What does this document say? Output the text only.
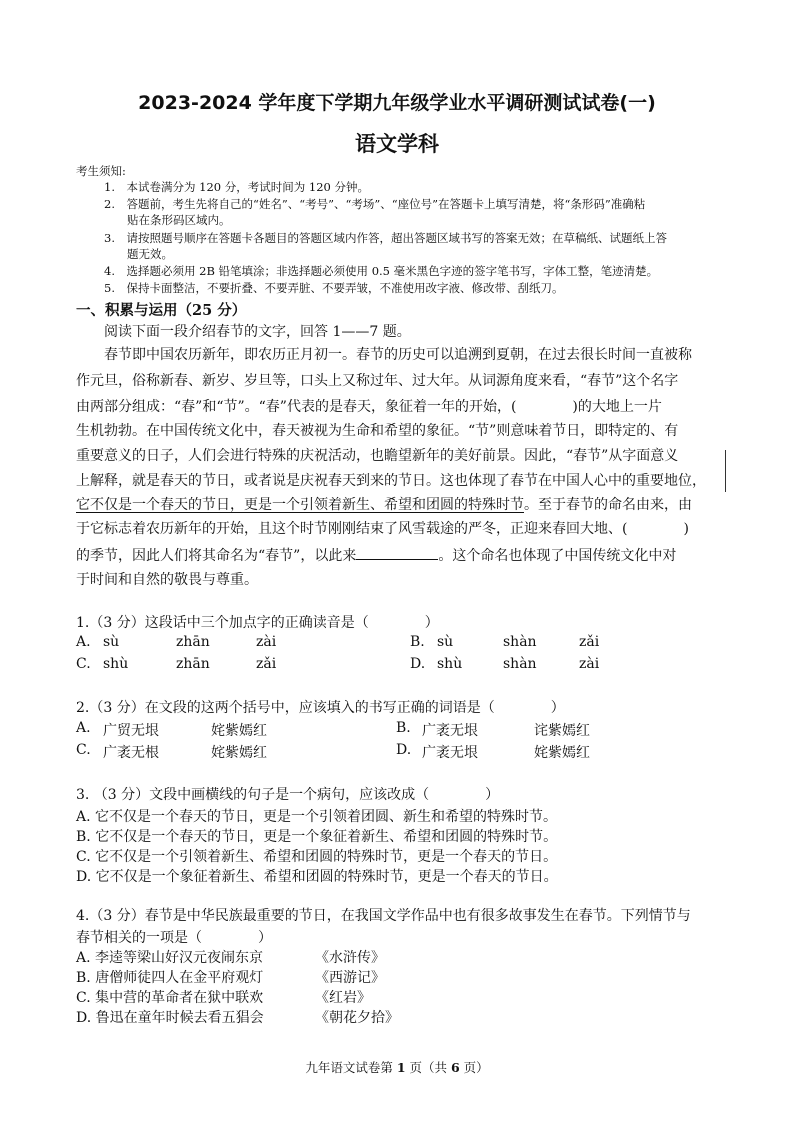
2023-2024 学年度下学期九年级学业水平调研测试试卷(一)
语文学科
考生须知:
1.　本试卷满分为 120 分，考试时间为 120 分钟。
2.　答题前，考生先将自己的“姓名”、“考号”、“考场”、“座位号”在答题卡上填写清楚，将“条形码”准确粘
　　贴在条形码区域内。
3.　请按照题号顺序在答题卡各题目的答题区域内作答，超出答题区域书写的答案无效；在草稿纸、试题纸上答
　　题无效。
4.　选择题必须用 2B 铅笔填涂；非选择题必须使用 0.5 毫米黑色字迹的签字笔书写，字体工整，笔迹清楚。
5.　保持卡面整洁，不要折叠、不要弄脏、不要弄皱，不准使用改字液、修改带、刮纸刀。
一、积累与运用（25 分）
阅读下面一段介绍春节的文字，回答 1——7 题。
春节即中国农历新年，即农历正月初一。春节的历史可以追溯到夏朝，在过去很长时间一直被称
作元旦，俗称新春、新岁、岁旦等，口头上又称过年、过大年。从词源角度来看，“春节”这个名字
由两部分组成：“春”和“节”。“春”代表的是春天，象征着一年的开始，(　　　　)的大地上一片
生机勃勃。在中国传统文化中，春天被视为生命和希望的象征。“节”则意味着节日，即特定的、有
重要意义的日子，人们会进行特殊的庆祝活动，也瞻望新年的美好前景。因此，“春节”从字面意义
上解释，就是春天的节日，或者说是庆祝春天到来的节日。这也体现了春节在中国人心中的重要地位，
它不仅是一个春天的节日，更是一个引领着新生、希望和团圆的特殊时节。至于春节的命名由来，由
于它标志着农历新年的开始，且这个时节刚刚结束了风雪载途的严冬，正迎来春回大地、(　　　　)
的季节，因此人们将其命名为“春节”，以此来	。这个命名也体现了中国传统文化中对
于时间和自然的敬畏与尊重。
1.（3 分）这段话中三个加点字的正确读音是（　　　　）
A. sù	zhān	zài	B. sù	shàn	zǎi
C. shù	zhān	zǎi	D. shù	shàn	zài
2.（3 分）在文段的这两个括号中，应该填入的书写正确的词语是（　　　　）
A. 广贸无垠	姹紫嫣红	B. 广袤无垠	诧紫嫣红
C. 广袤无根	姹紫嫣红	D. 广袤无垠	姹紫嫣红
3. （3 分）文段中画横线的句子是一个病句，应该改成（　　　　）
A. 它不仅是一个春天的节日，更是一个引领着团圆、新生和希望的特殊时节。
B. 它不仅是一个春天的节日，更是一个象征着新生、希望和团圆的特殊时节。
C. 它不仅是一个引领着新生、希望和团圆的特殊时节，更是一个春天的节日。
D. 它不仅是一个象征着新生、希望和团圆的特殊时节，更是一个春天的节日。
4.（3 分）春节是中华民族最重要的节日，在我国文学作品中也有很多故事发生在春节。下列情节与
春节相关的一项是（　　　　）
A. 李逵等梁山好汉元夜闹东京	《水浒传》
B. 唐僧师徒四人在金平府观灯	《西游记》
C. 集中营的革命者在狱中联欢	《红岩》
D. 鲁迅在童年时候去看五猖会	《朝花夕拾》
九年语文试卷第 1 页（共 6 页）
